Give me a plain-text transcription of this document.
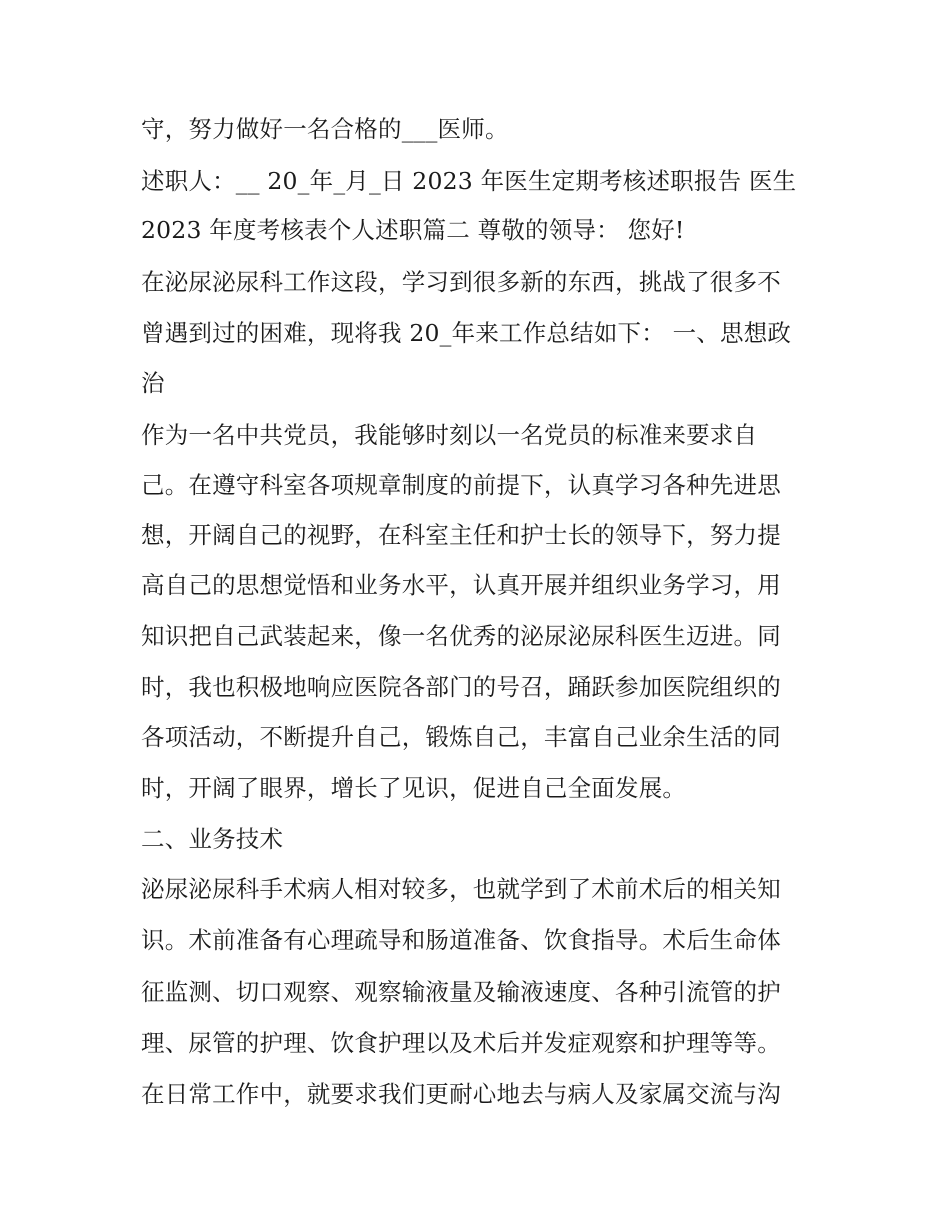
守，努力做好一名合格的___医师。
述职人：__ 20_年_月_日 2023 年医生定期考核述职报告 医生
2023 年度考核表个人述职篇二 尊敬的领导： 您好!
在泌尿泌尿科工作这段，学习到很多新的东西，挑战了很多不
曾遇到过的困难，现将我 20_年来工作总结如下： 一、思想政
治
作为一名中共党员，我能够时刻以一名党员的标准来要求自
己。在遵守科室各项规章制度的前提下，认真学习各种先进思
想，开阔自己的视野，在科室主任和护士长的领导下，努力提
高自己的思想觉悟和业务水平，认真开展并组织业务学习，用
知识把自己武装起来，像一名优秀的泌尿泌尿科医生迈进。同
时，我也积极地响应医院各部门的号召，踊跃参加医院组织的
各项活动，不断提升自己，锻炼自己，丰富自己业余生活的同
时，开阔了眼界，增长了见识，促进自己全面发展。
二、业务技术
泌尿泌尿科手术病人相对较多，也就学到了术前术后的相关知
识。术前准备有心理疏导和肠道准备、饮食指导。术后生命体
征监测、切口观察、观察输液量及输液速度、各种引流管的护
理、尿管的护理、饮食护理以及术后并发症观察和护理等等。
在日常工作中，就要求我们更耐心地去与病人及家属交流与沟
